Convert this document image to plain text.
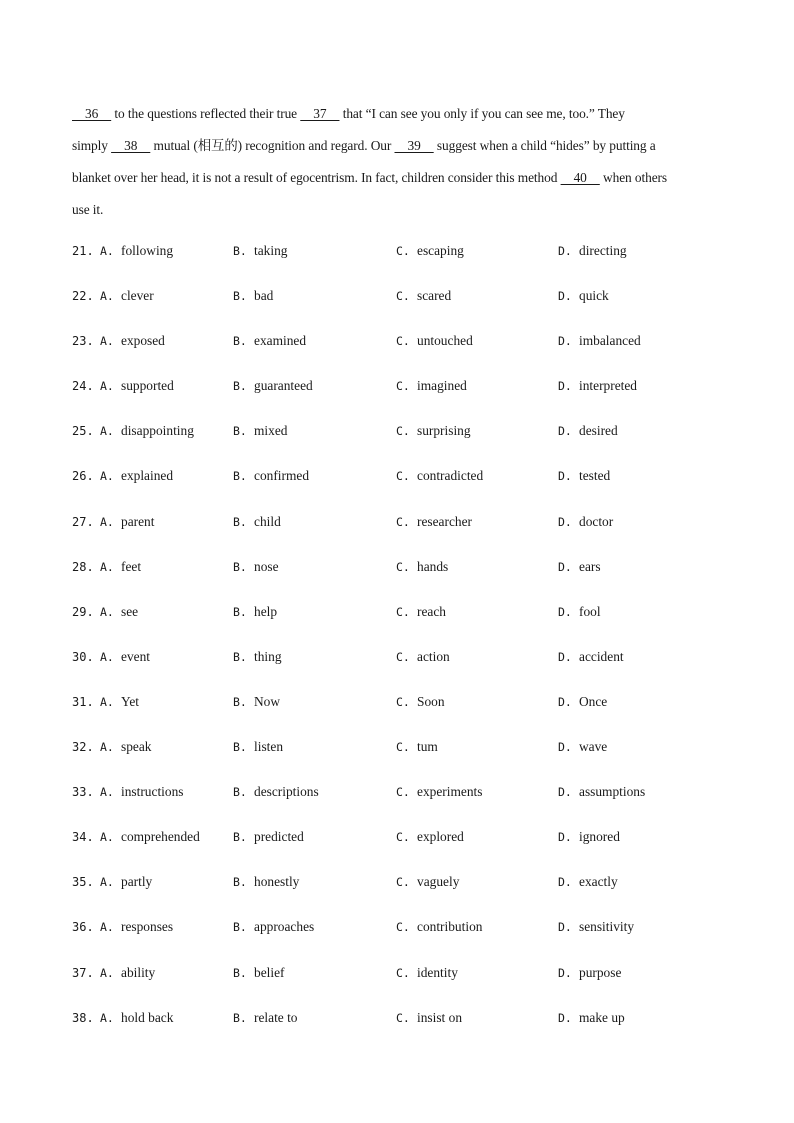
36     to the questions reflected their true     37     that “I can see you only if you can see me, too.” They
simply     38     mutual (相互的) recognition and regard. Our     39     suggest when a child “hides” by putting a
blanket over her head, it is not a result of egocentrism. In fact, children consider this method     40     when others
use it.
21. A. following	B. taking	C. escaping	D. directing
22. A. clever	B. bad	C. scared	D. quick
23. A. exposed	B. examined	C. untouched	D. imbalanced
24. A. supported	B. guaranteed	C. imagined	D. interpreted
25. A. disappointing	B. mixed	C. surprising	D. desired
26. A. explained	B. confirmed	C. contradicted	D. tested
27. A. parent	B. child	C. researcher	D. doctor
28. A. feet	B. nose	C. hands	D. ears
29. A. see	B. help	C. reach	D. fool
30. A. event	B. thing	C. action	D. accident
31. A. Yet	B. Now	C. Soon	D. Once
32. A. speak	B. listen	C. tum	D. wave
33. A. instructions	B. descriptions	C. experiments	D. assumptions
34. A. comprehended	B. predicted	C. explored	D. ignored
35. A. partly	B. honestly	C. vaguely	D. exactly
36. A. responses	B. approaches	C. contribution	D. sensitivity
37. A. ability	B. belief	C. identity	D. purpose
38. A. hold back	B. relate to	C. insist on	D. make up
